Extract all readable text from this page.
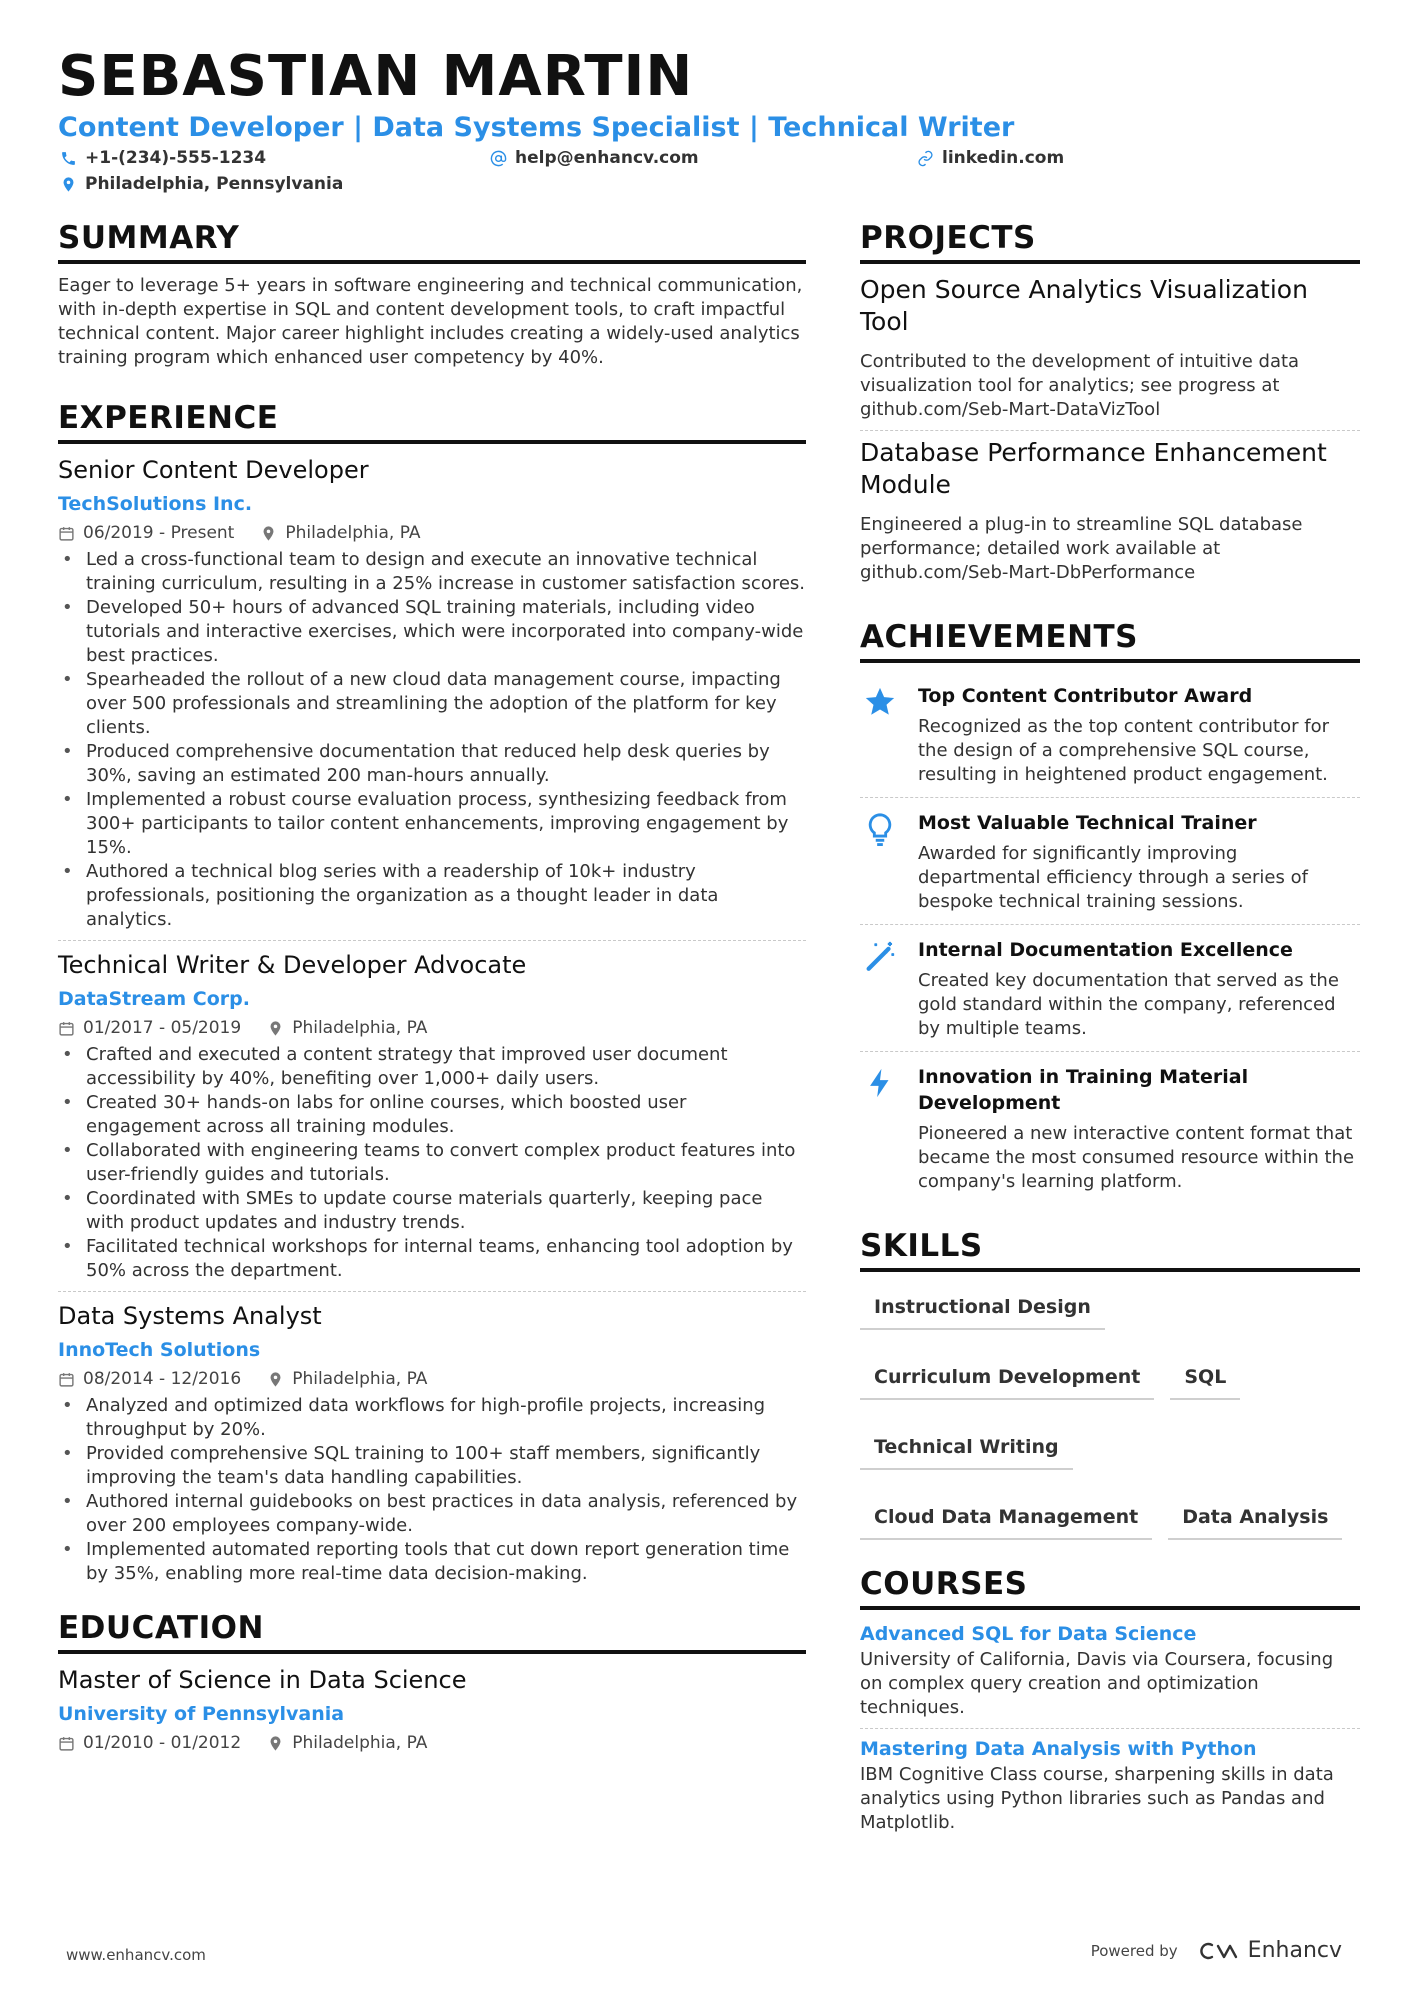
SEBASTIAN MARTIN
Content Developer | Data Systems Specialist | Technical Writer
+1-(234)-555-1234	help@enhancv.com	linkedin.com
Philadelphia, Pennsylvania
SUMMARY
Eager to leverage 5+ years in software engineering and technical communication, with in-depth expertise in SQL and content development tools, to craft impactful technical content. Major career highlight includes creating a widely-used analytics training program which enhanced user competency by 40%.
EXPERIENCE
Senior Content Developer
TechSolutions Inc.
06/2019 - Present	Philadelphia, PA
• Led a cross-functional team to design and execute an innovative technical training curriculum, resulting in a 25% increase in customer satisfaction scores.
• Developed 50+ hours of advanced SQL training materials, including video tutorials and interactive exercises, which were incorporated into company-wide best practices.
• Spearheaded the rollout of a new cloud data management course, impacting over 500 professionals and streamlining the adoption of the platform for key clients.
• Produced comprehensive documentation that reduced help desk queries by 30%, saving an estimated 200 man-hours annually.
• Implemented a robust course evaluation process, synthesizing feedback from 300+ participants to tailor content enhancements, improving engagement by 15%.
• Authored a technical blog series with a readership of 10k+ industry professionals, positioning the organization as a thought leader in data analytics.
Technical Writer & Developer Advocate
DataStream Corp.
01/2017 - 05/2019	Philadelphia, PA
• Crafted and executed a content strategy that improved user document accessibility by 40%, benefiting over 1,000+ daily users.
• Created 30+ hands-on labs for online courses, which boosted user engagement across all training modules.
• Collaborated with engineering teams to convert complex product features into user-friendly guides and tutorials.
• Coordinated with SMEs to update course materials quarterly, keeping pace with product updates and industry trends.
• Facilitated technical workshops for internal teams, enhancing tool adoption by 50% across the department.
Data Systems Analyst
InnoTech Solutions
08/2014 - 12/2016	Philadelphia, PA
• Analyzed and optimized data workflows for high-profile projects, increasing throughput by 20%.
• Provided comprehensive SQL training to 100+ staff members, significantly improving the team's data handling capabilities.
• Authored internal guidebooks on best practices in data analysis, referenced by over 200 employees company-wide.
• Implemented automated reporting tools that cut down report generation time by 35%, enabling more real-time data decision-making.
EDUCATION
Master of Science in Data Science
University of Pennsylvania
01/2010 - 01/2012	Philadelphia, PA
PROJECTS
Open Source Analytics Visualization Tool
Contributed to the development of intuitive data visualization tool for analytics; see progress at github.com/Seb-Mart-DataVizTool
Database Performance Enhancement Module
Engineered a plug-in to streamline SQL database performance; detailed work available at github.com/Seb-Mart-DbPerformance
ACHIEVEMENTS
Top Content Contributor Award
Recognized as the top content contributor for the design of a comprehensive SQL course, resulting in heightened product engagement.
Most Valuable Technical Trainer
Awarded for significantly improving departmental efficiency through a series of bespoke technical training sessions.
Internal Documentation Excellence
Created key documentation that served as the gold standard within the company, referenced by multiple teams.
Innovation in Training Material Development
Pioneered a new interactive content format that became the most consumed resource within the company's learning platform.
SKILLS
Instructional Design
Curriculum Development	SQL
Technical Writing
Cloud Data Management	Data Analysis
COURSES
Advanced SQL for Data Science
University of California, Davis via Coursera, focusing on complex query creation and optimization techniques.
Mastering Data Analysis with Python
IBM Cognitive Class course, sharpening skills in data analytics using Python libraries such as Pandas and Matplotlib.
www.enhancv.com	Powered by	Enhancv
